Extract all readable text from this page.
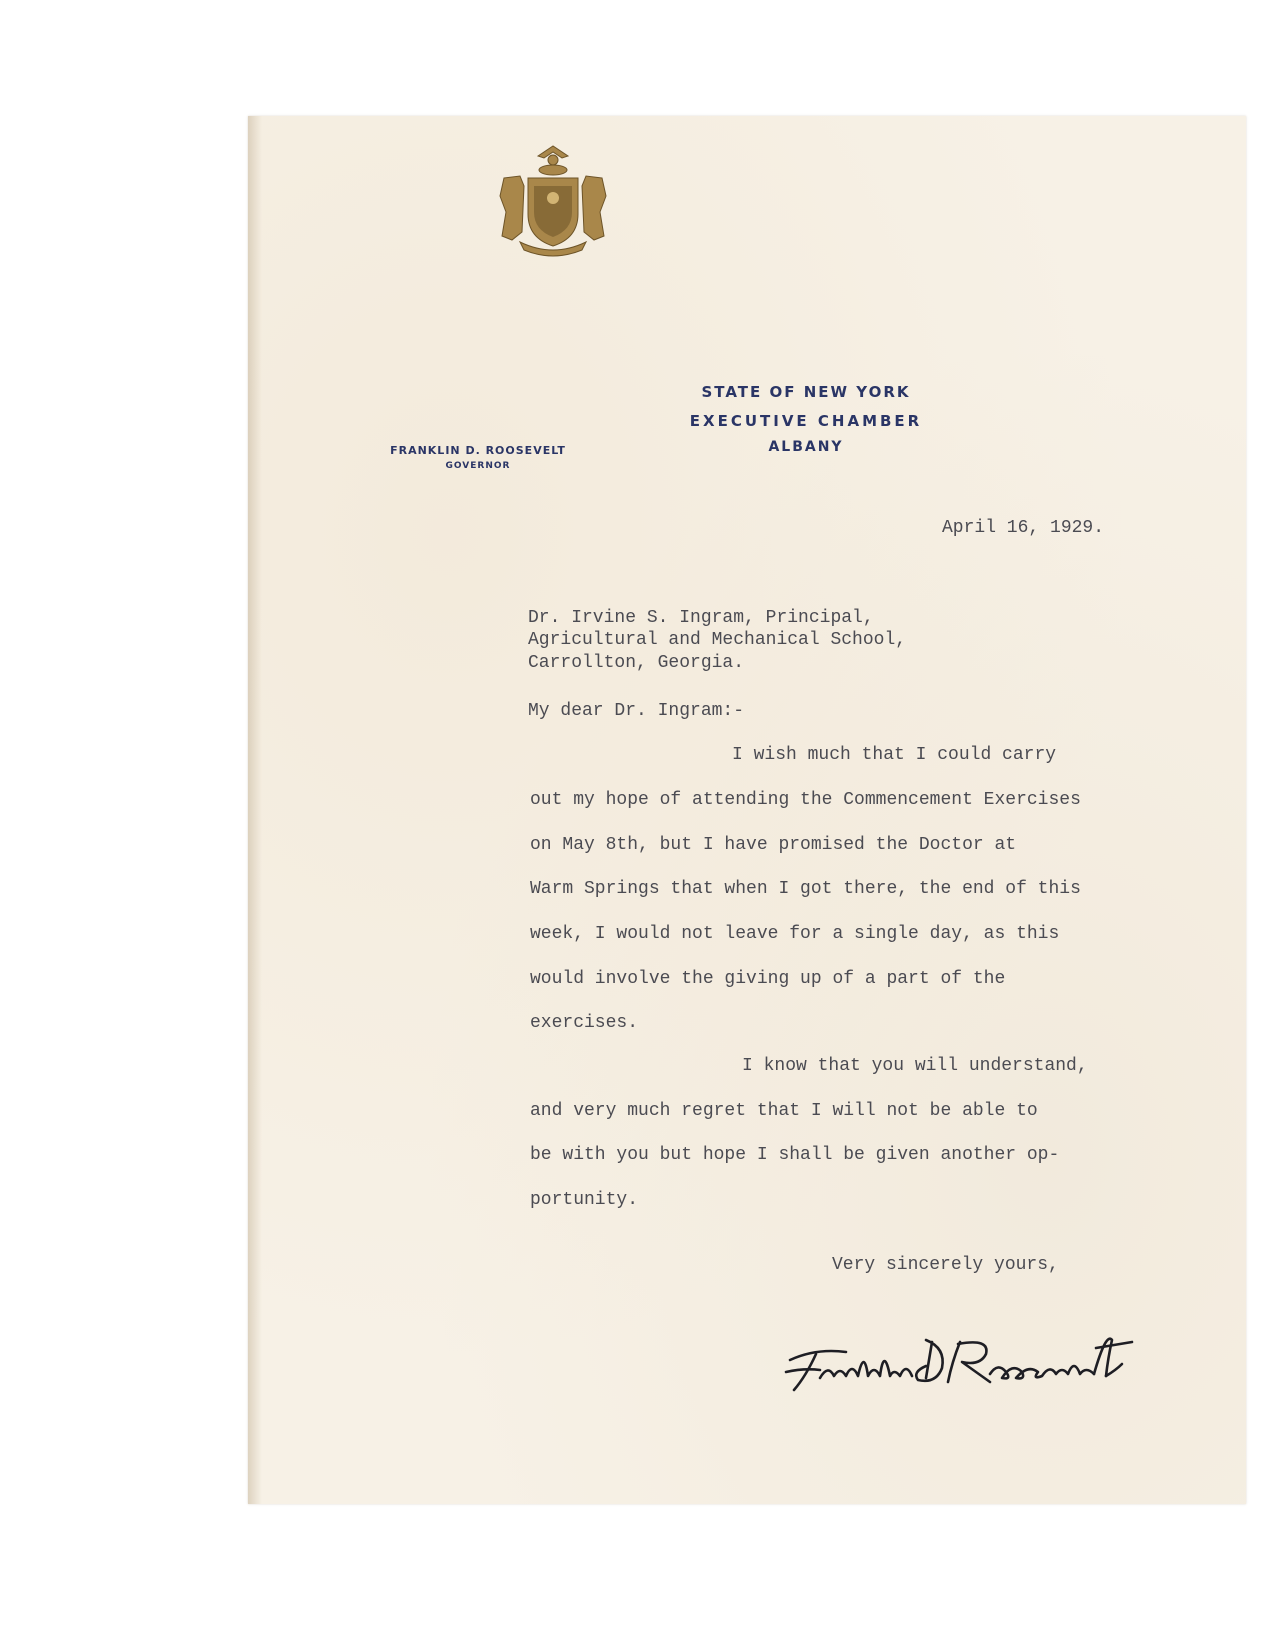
STATE OF NEW YORK
EXECUTIVE CHAMBER
ALBANY
FRANKLIN D. ROOSEVELT
GOVERNOR
April 16, 1929.
Dr. Irvine S. Ingram, Principal,
Agricultural and Mechanical School,
Carrollton, Georgia.
My dear Dr. Ingram:-
I wish much that I could carry
out my hope of attending the Commencement Exercises
on May 8th, but I have promised the Doctor at
Warm Springs that when I got there, the end of this
week, I would not leave for a single day, as this
would involve the giving up of a part of the
exercises.
I know that you will understand,
and very much regret that I will not be able to
be with you but hope I shall be given another op-
portunity.
Very sincerely yours,
